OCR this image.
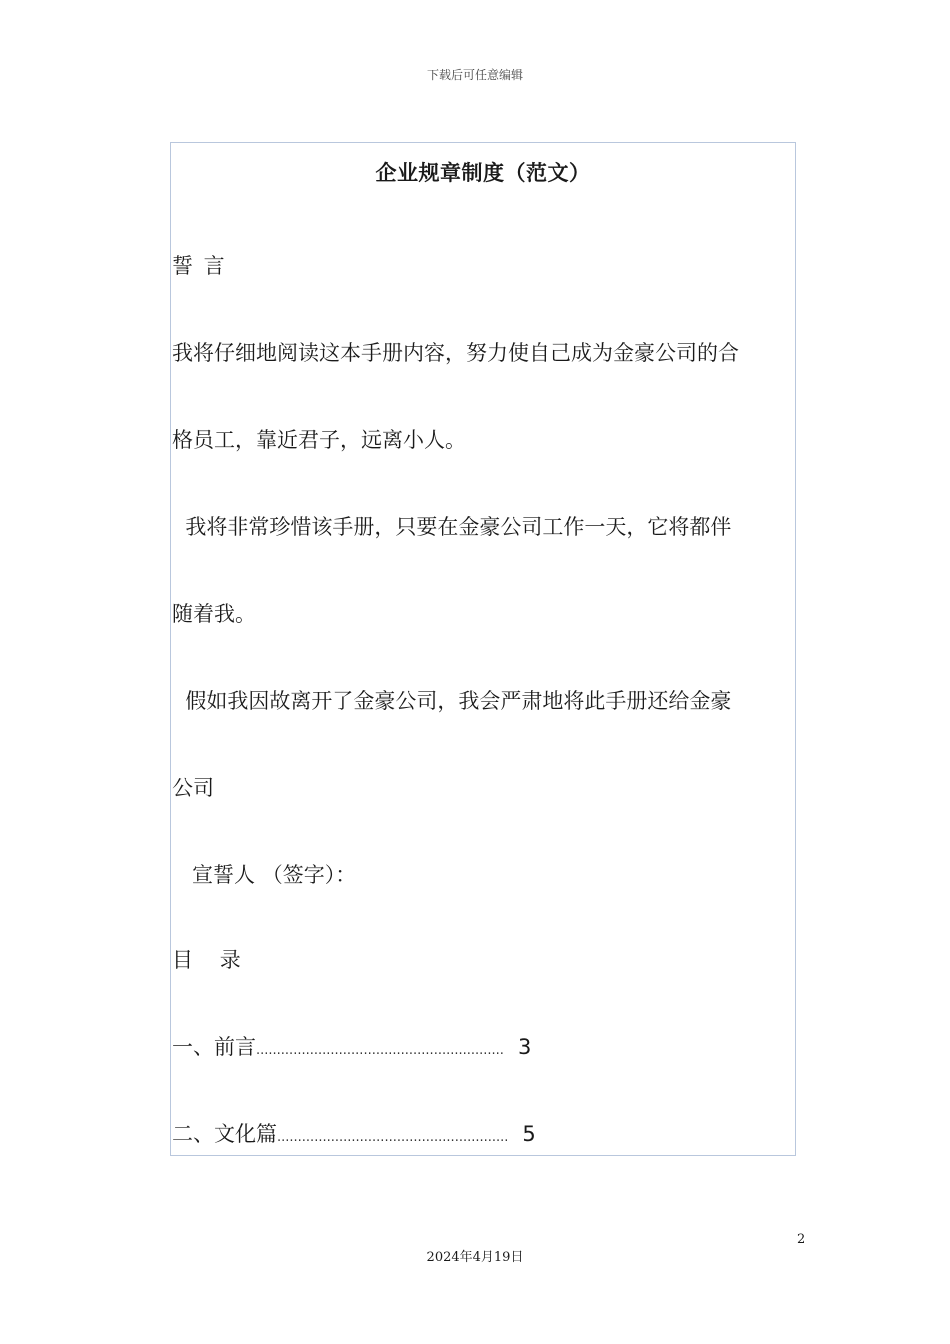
下载后可任意编辑
企业规章制度（范文）
誓 言
我将仔细地阅读这本手册内容，努力使自己成为金豪公司的合
格员工，靠近君子，远离小人。
我将非常珍惜该手册，只要在金豪公司工作一天，它将都伴
随着我。
假如我因故离开了金豪公司，我会严肃地将此手册还给金豪
公司
宣誓人 （签字）：
目    录
一、前言............................................................ 3
二、文化篇........................................................ 5
2
2024年4月19日
